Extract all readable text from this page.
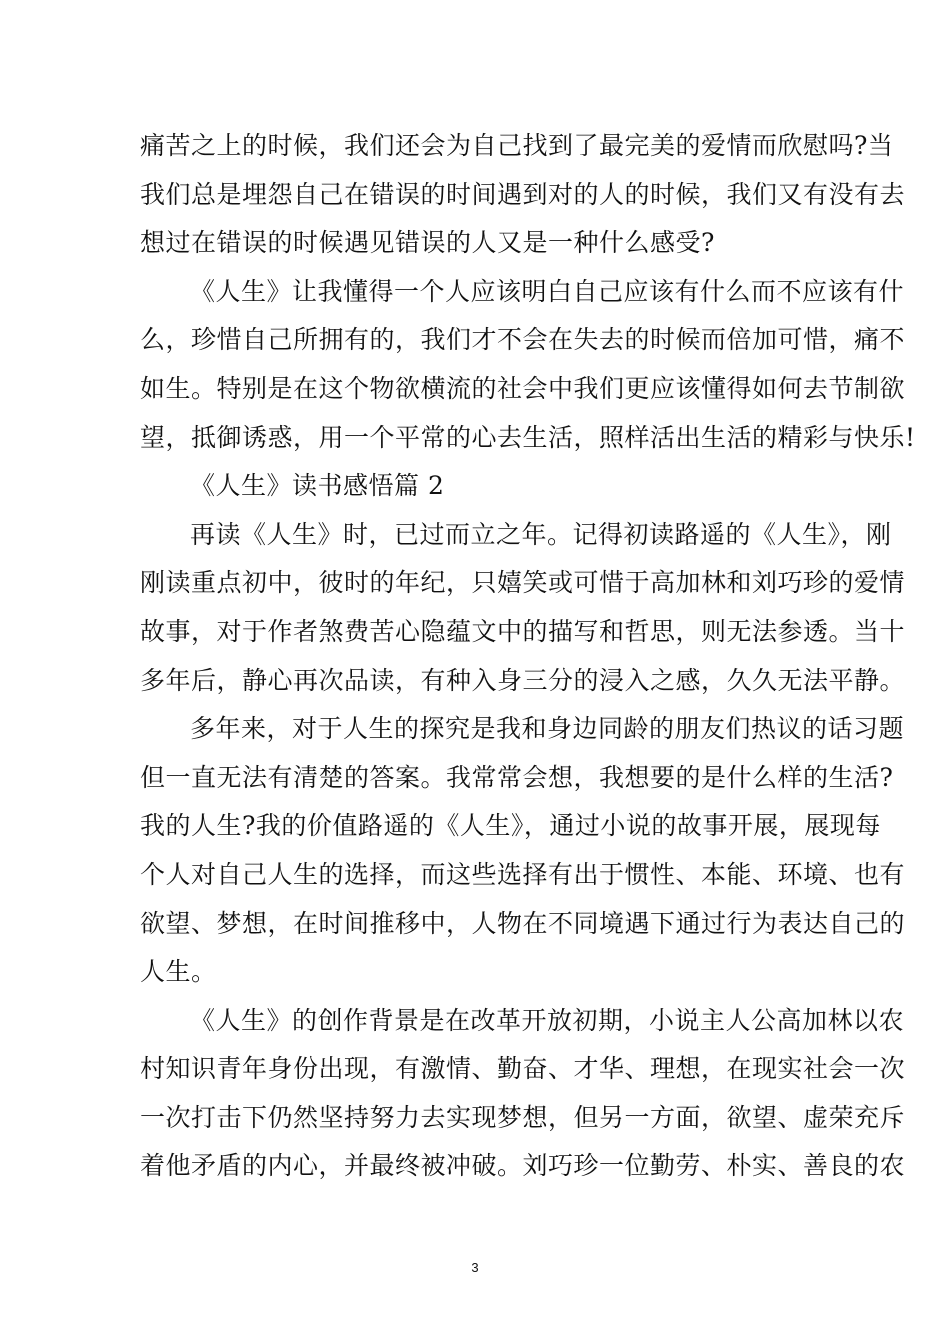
痛苦之上的时候，我们还会为自己找到了最完美的爱情而欣慰吗?当
我们总是埋怨自己在错误的时间遇到对的人的时候，我们又有没有去
想过在错误的时候遇见错误的人又是一种什么感受?
《人生》让我懂得一个人应该明白自己应该有什么而不应该有什
么，珍惜自己所拥有的，我们才不会在失去的时候而倍加可惜，痛不
如生。特别是在这个物欲横流的社会中我们更应该懂得如何去节制欲
望，抵御诱惑，用一个平常的心去生活，照样活出生活的精彩与快乐!
《人生》读书感悟篇 2
再读《人生》时，已过而立之年。记得初读路遥的《人生》，刚
刚读重点初中，彼时的年纪，只嬉笑或可惜于高加林和刘巧珍的爱情
故事，对于作者煞费苦心隐蕴文中的描写和哲思，则无法参透。当十
多年后，静心再次品读，有种入身三分的浸入之感，久久无法平静。
多年来，对于人生的探究是我和身边同龄的朋友们热议的话习题
但一直无法有清楚的答案。我常常会想，我想要的是什么样的生活?
我的人生?我的价值路遥的《人生》，通过小说的故事开展，展现每
个人对自己人生的选择，而这些选择有出于惯性、本能、环境、也有
欲望、梦想，在时间推移中，人物在不同境遇下通过行为表达自己的
人生。
《人生》的创作背景是在改革开放初期，小说主人公高加林以农
村知识青年身份出现，有激情、勤奋、才华、理想，在现实社会一次
一次打击下仍然坚持努力去实现梦想，但另一方面，欲望、虚荣充斥
着他矛盾的内心，并最终被冲破。刘巧珍一位勤劳、朴实、善良的农
3
